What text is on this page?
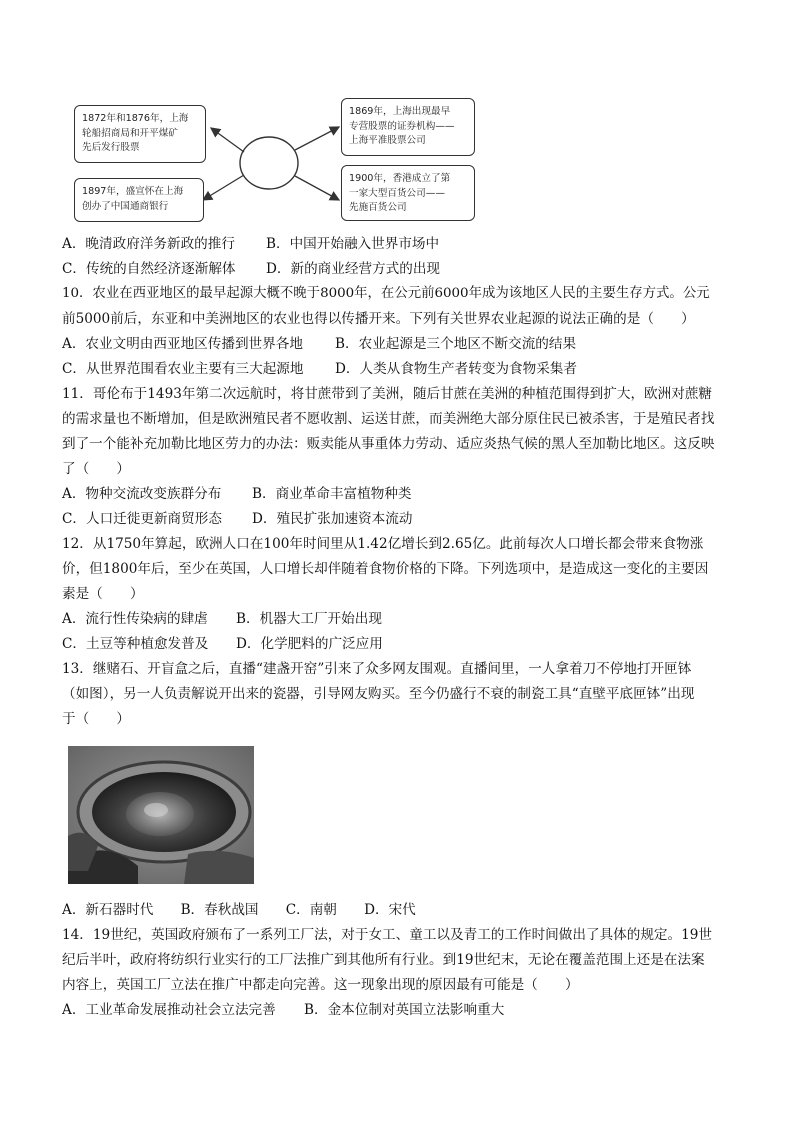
1872年和1876年，上海
轮船招商局和开平煤矿
先后发行股票
1897年，盛宣怀在上海
创办了中国通商银行
1869年，上海出现最早
专营股票的证券机构——
上海平准股票公司
1900年，香港成立了第
一家大型百货公司——
先施百货公司
A．晚清政府洋务新政的推行 B．中国开始融入世界市场中
C．传统的自然经济逐渐解体 D．新的商业经营方式的出现
10．农业在西亚地区的最早起源大概不晚于8000年，在公元前6000年成为该地区人民的主要生存方式。公元
前5000前后，东亚和中美洲地区的农业也得以传播开来。下列有关世界农业起源的说法正确的是（　　）
A．农业文明由西亚地区传播到世界各地 B．农业起源是三个地区不断交流的结果
C．从世界范围看农业主要有三大起源地 D．人类从食物生产者转变为食物采集者
11．哥伦布于1493年第二次远航时，将甘蔗带到了美洲，随后甘蔗在美洲的种植范围得到扩大，欧洲对蔗糖
的需求量也不断增加，但是欧洲殖民者不愿收割、运送甘蔗，而美洲绝大部分原住民已被杀害，于是殖民者找
到了一个能补充加勒比地区劳力的办法：贩卖能从事重体力劳动、适应炎热气候的黑人至加勒比地区。这反映
了（　　）
A．物种交流改变族群分布 B．商业革命丰富植物种类
C．人口迁徙更新商贸形态 D．殖民扩张加速资本流动
12．从1750年算起，欧洲人口在100年时间里从1.42亿增长到2.65亿。此前每次人口增长都会带来食物涨
价，但1800年后，至少在英国，人口增长却伴随着食物价格的下降。下列选项中，是造成这一变化的主要因
素是（　　）
A．流行性传染病的肆虐 B．机器大工厂开始出现
C．土豆等种植愈发普及 D．化学肥料的广泛应用
13．继赌石、开盲盒之后，直播“建盏开窑”引来了众多网友围观。直播间里，一人拿着刀不停地打开匣钵
（如图），另一人负责解说开出来的瓷器，引导网友购买。至今仍盛行不衰的制瓷工具“直壁平底匣钵”出现
于（　　）
A．新石器时代　　B．春秋战国　　C．南朝　　D．宋代
14．19世纪，英国政府颁布了一系列工厂法，对于女工、童工以及青工的工作时间做出了具体的规定。19世
纪后半叶，政府将纺织行业实行的工厂法推广到其他所有行业。到19世纪末，无论在覆盖范围上还是在法案
内容上，英国工厂立法在推广中都走向完善。这一现象出现的原因最有可能是（　　）
A．工业革命发展推动社会立法完善 B．金本位制对英国立法影响重大
